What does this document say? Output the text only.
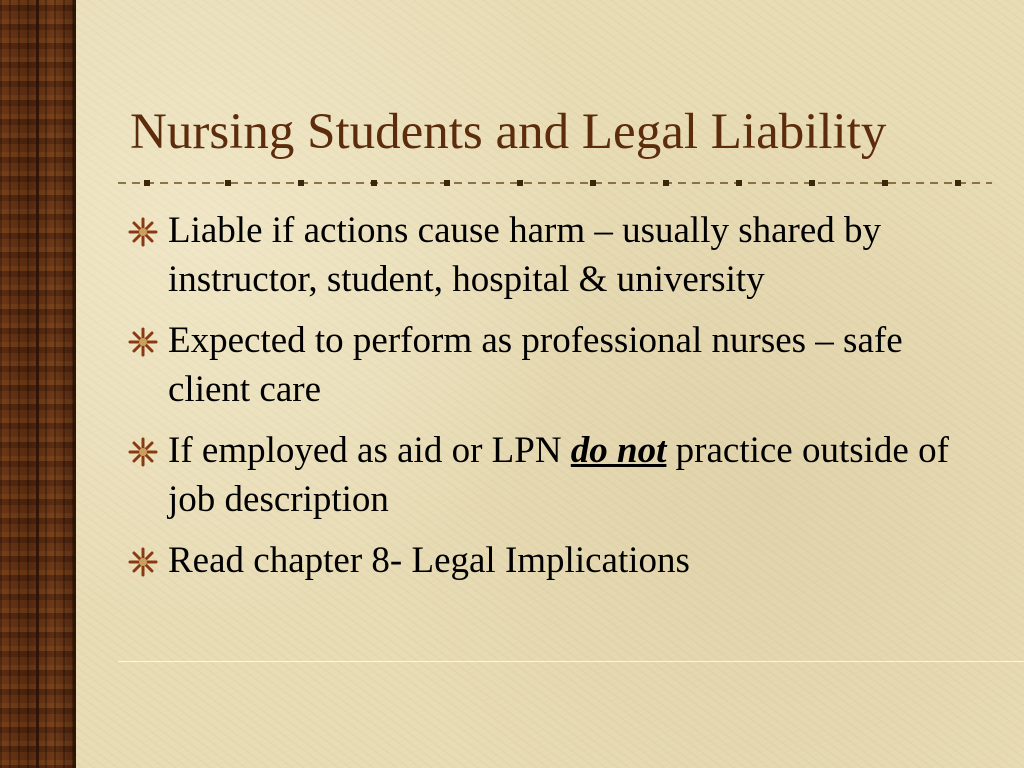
Nursing Students and Legal Liability
Liable if actions cause harm – usually shared by instructor, student, hospital & university
Expected to perform as professional nurses – safe client care
If employed as aid or LPN do not practice outside of job description
Read chapter 8- Legal Implications
